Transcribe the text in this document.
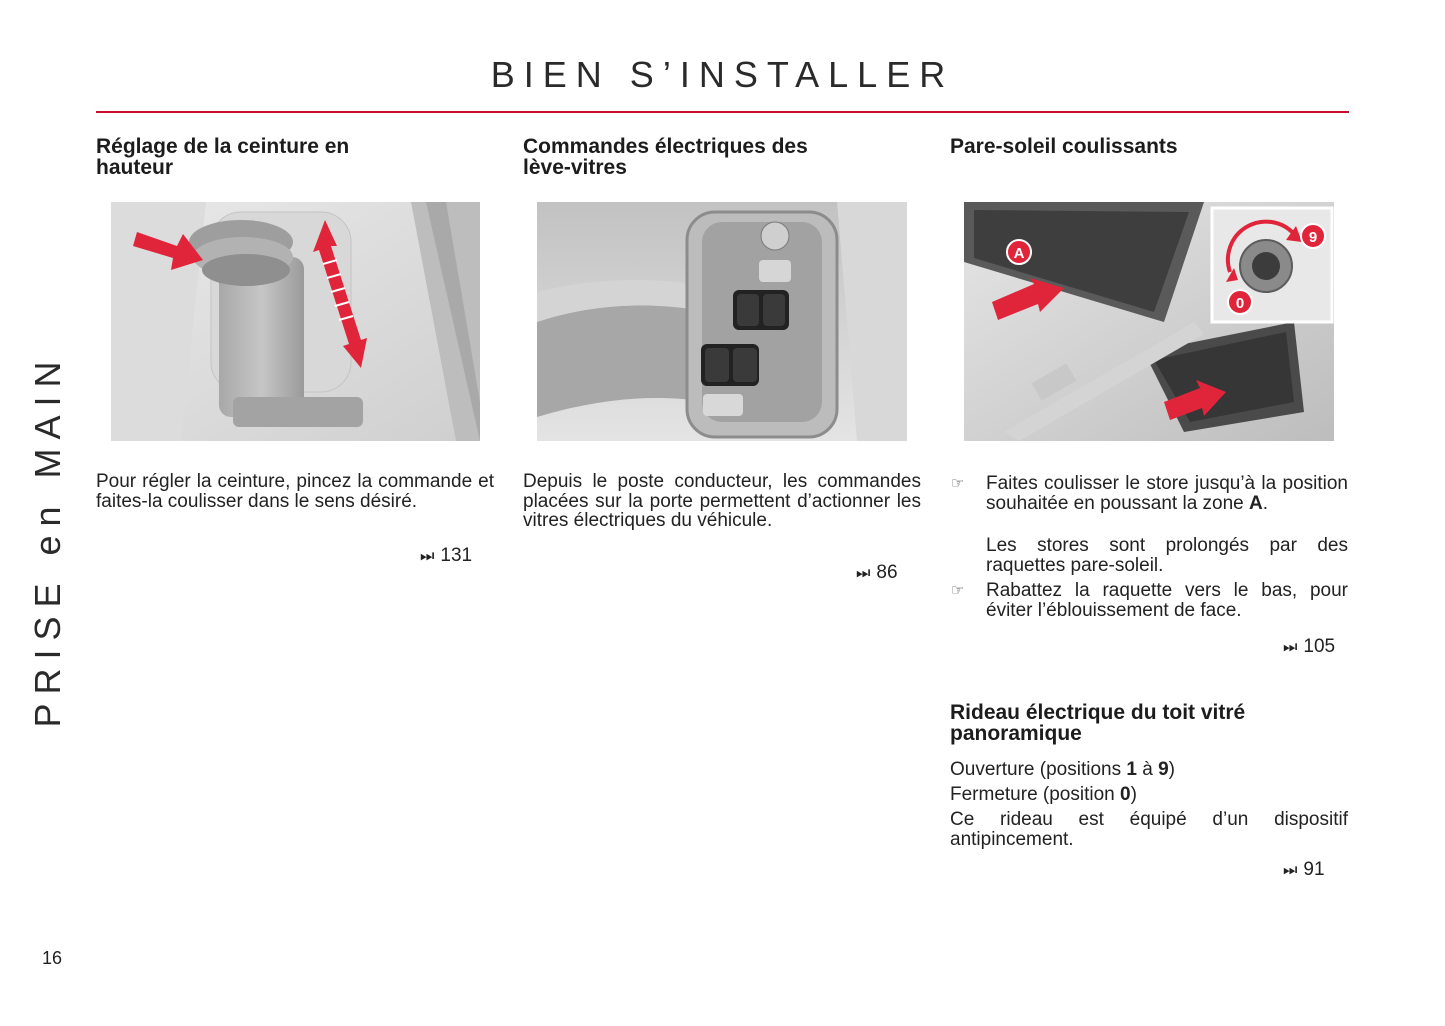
BIEN S’INSTALLER
PRISE en MAIN
16
Réglage de la ceinture en
hauteur

Pour régler la ceinture, pincez la commande et faites-la coulisser dans le sens désiré.

⏭ 131
Commandes électriques des
lève-vitres

Depuis le poste conducteur, les commandes placées sur la porte permettent d’actionner les vitres électriques du véhicule.

⏭ 86
Pare-soleil coulissants
A
9
0
☞ Faites coulisser le store jusqu’à la position souhaitée en poussant la zone A.

Les stores sont prolongés par des raquettes pare-soleil.

☞ Rabattez la raquette vers le bas, pour éviter l’éblouissement de face.

⏭ 105
Rideau électrique du toit vitré
panoramique
Ouverture (positions 1 à 9)
Fermeture (position 0)

Ce rideau est équipé d’un dispositif antipincement.

⏭ 91
